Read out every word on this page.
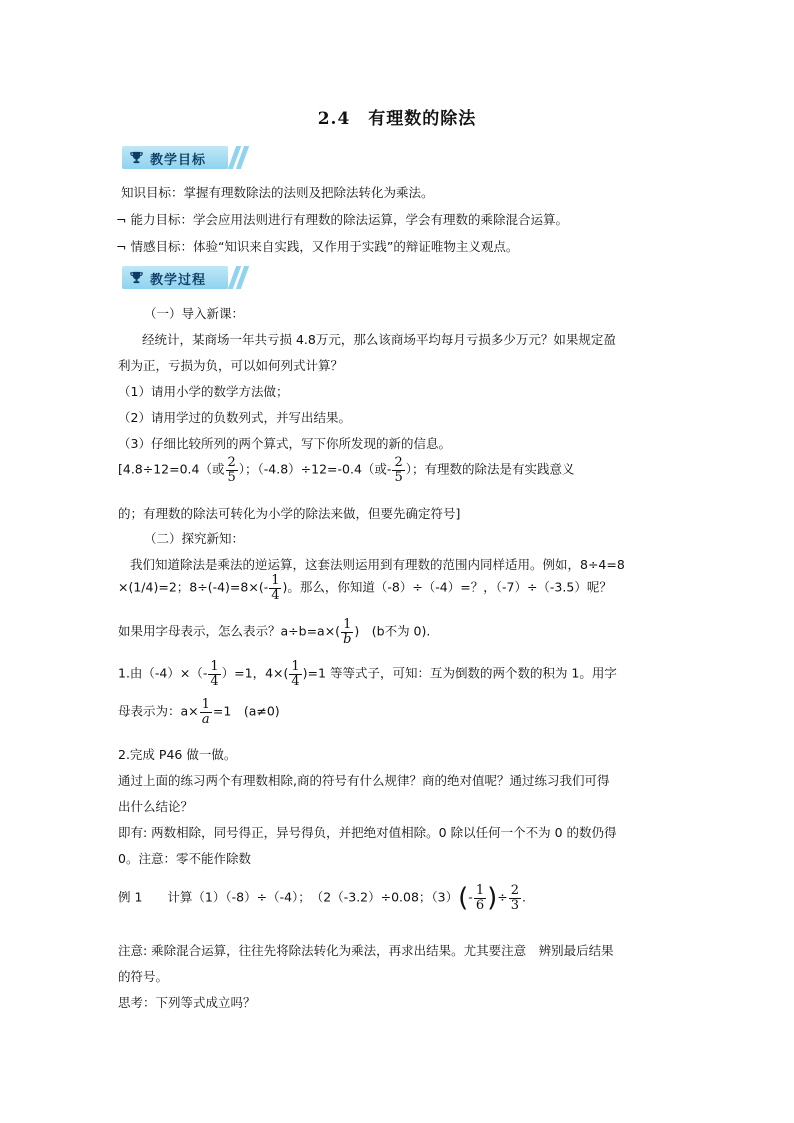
2.4　有理数的除法
教学目标
知识目标：掌握有理数除法的法则及把除法转化为乘法。
¬ 能力目标：学会应用法则进行有理数的除法运算，学会有理数的乘除混合运算。
¬ 情感目标：体验“知识来自实践，又作用于实践”的辩证唯物主义观点。
教学过程
（一）导入新课：
经统计，某商场一年共亏损 4.8万元，那么该商场平均每月亏损多少万元？如果规定盈
利为正，亏损为负，可以如何列式计算？
（1）请用小学的数学方法做；
（2）请用学过的负数列式，并写出结果。
（3）仔细比较所列的两个算式，写下你所发现的新的信息。
[4.8÷12=0.4（或 $\frac{2}{5}$ ）；（-4.8）÷12=-0.4（或- $\frac{2}{5}$ ）；有理数的除法是有实践意义
的；有理数的除法可转化为小学的除法来做，但要先确定符号]
（二）探究新知：
我们知道除法是乘法的逆运算，这套法则运用到有理数的范围内同样适用。例如，8÷4=8
×(1/4)=2；$8\div(-4)=8\times(- \frac{1}{4}$ )。那么，你知道（-8）÷（-4）=？，（-7）÷（-3.5）呢？
如果用字母表示，怎么表示？$a\div b=a\times( \frac{1}{b}$ )　(b不为 0).
1.由$(-4)\times(- \frac{1}{4} )=1$，$4\times( \frac{1}{4} )=1$ 等等式子，可知：互为倒数的两个数的积为 1。用字
母表示为：$a\times \frac{1}{a} =1$　(a≠0)
2.完成 P46 做一做。
通过上面的练习两个有理数相除,商的符号有什么规律？商的绝对值呢？通过练习我们可得
出什么结论？
即有: 两数相除，同号得正，异号得负，并把绝对值相除。0 除以任何一个不为 0 的数仍得
0。注意：零不能作除数
例 1　　计算（1）（-8）÷（-4）；　（2（-3.2）÷0.08；$(3)(- \frac{1}{6}$ )÷ $\frac{2}{3}$ .
注意: 乘除混合运算，往往先将除法转化为乘法，再求出结果。尤其要注意　辨别最后结果
的符号。
思考：下列等式成立吗？
